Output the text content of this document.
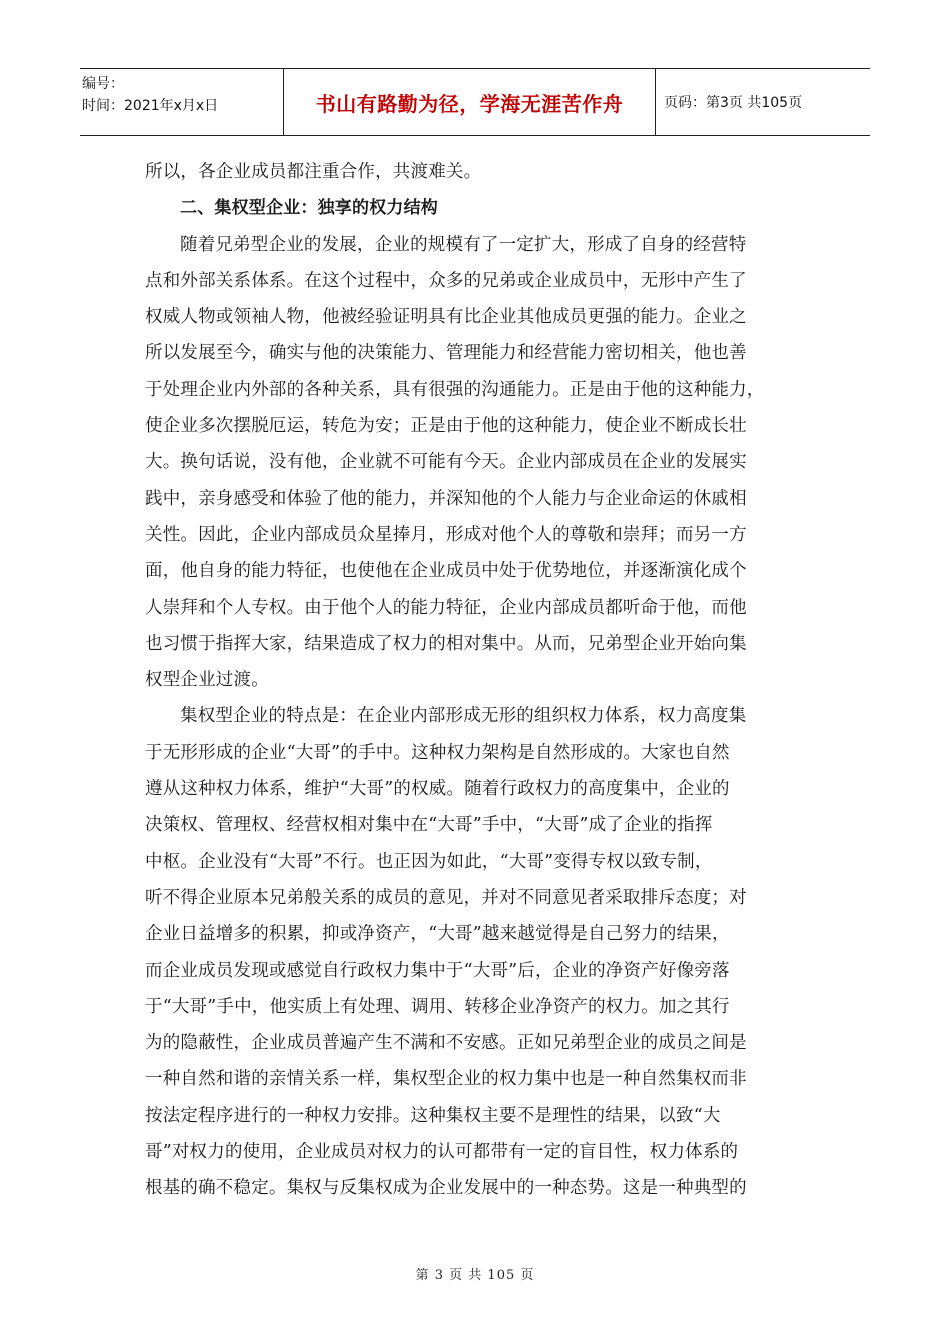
编号：
时间：2021年x月x日	书山有路勤为径，学海无涯苦作舟	页码：第3页 共105页
所以，各企业成员都注重合作，共渡难关。
二、集权型企业：独享的权力结构
随着兄弟型企业的发展，企业的规模有了一定扩大，形成了自身的经营特
点和外部关系体系。在这个过程中，众多的兄弟或企业成员中，无形中产生了
权威人物或领袖人物，他被经验证明具有比企业其他成员更强的能力。企业之
所以发展至今，确实与他的决策能力、管理能力和经营能力密切相关，他也善
于处理企业内外部的各种关系，具有很强的沟通能力。正是由于他的这种能力，
使企业多次摆脱厄运，转危为安；正是由于他的这种能力，使企业不断成长壮
大。换句话说，没有他，企业就不可能有今天。企业内部成员在企业的发展实
践中，亲身感受和体验了他的能力，并深知他的个人能力与企业命运的休戚相
关性。因此，企业内部成员众星捧月，形成对他个人的尊敬和崇拜；而另一方
面，他自身的能力特征，也使他在企业成员中处于优势地位，并逐渐演化成个
人崇拜和个人专权。由于他个人的能力特征，企业内部成员都听命于他，而他
也习惯于指挥大家，结果造成了权力的相对集中。从而，兄弟型企业开始向集
权型企业过渡。
集权型企业的特点是：在企业内部形成无形的组织权力体系，权力高度集
于无形形成的企业“大哥”的手中。这种权力架构是自然形成的。大家也自然
遵从这种权力体系，维护“大哥”的权威。随着行政权力的高度集中，企业的
决策权、管理权、经营权相对集中在“大哥”手中，“大哥”成了企业的指挥
中枢。企业没有“大哥”不行。也正因为如此，“大哥”变得专权以致专制，
听不得企业原本兄弟般关系的成员的意见，并对不同意见者采取排斥态度；对
企业日益增多的积累，抑或净资产，“大哥”越来越觉得是自己努力的结果，
而企业成员发现或感觉自行政权力集中于“大哥”后，企业的净资产好像旁落
于“大哥”手中，他实质上有处理、调用、转移企业净资产的权力。加之其行
为的隐蔽性，企业成员普遍产生不满和不安感。正如兄弟型企业的成员之间是
一种自然和谐的亲情关系一样，集权型企业的权力集中也是一种自然集权而非
按法定程序进行的一种权力安排。这种集权主要不是理性的结果，以致“大
哥”对权力的使用，企业成员对权力的认可都带有一定的盲目性，权力体系的
根基的确不稳定。集权与反集权成为企业发展中的一种态势。这是一种典型的
第 3 页 共 105 页
